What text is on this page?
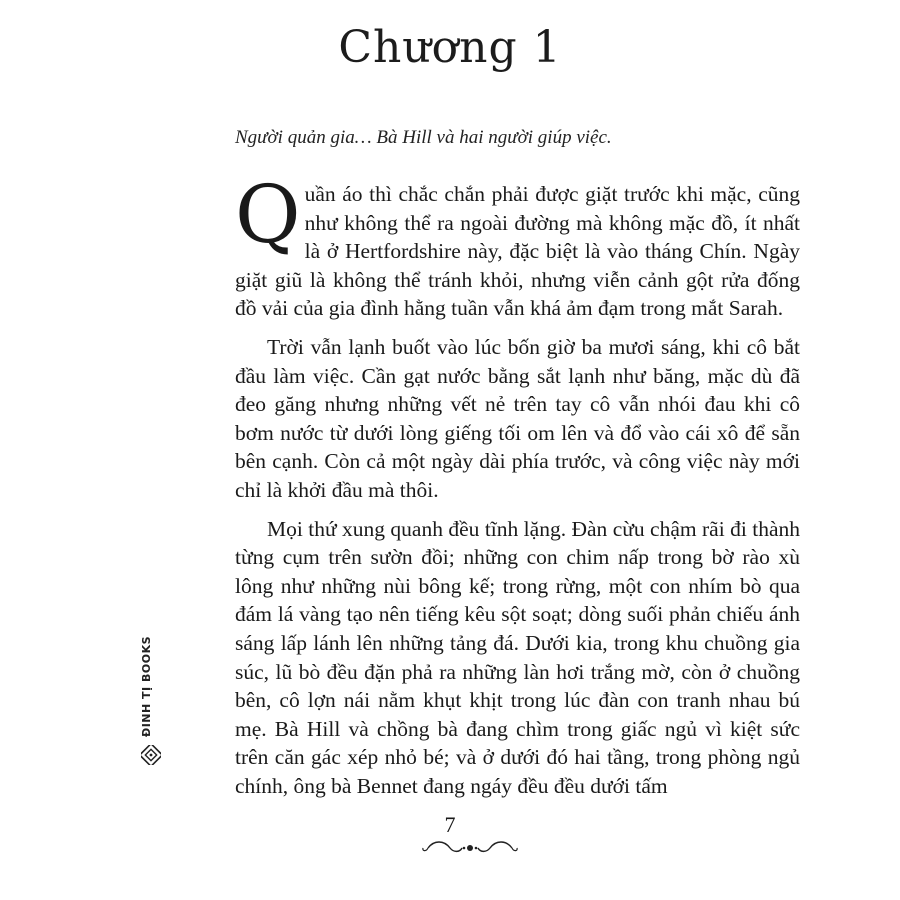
Chương 1
Người quản gia… Bà Hill và hai người giúp việc.

Quần áo thì chắc chắn phải được giặt trước khi mặc, cũng như không thể ra ngoài đường mà không mặc đồ, ít nhất là ở Hertfordshire này, đặc biệt là vào tháng Chín. Ngày giặt giũ là không thể tránh khỏi, nhưng viễn cảnh gột rửa đống đồ vải của gia đình hằng tuần vẫn khá ảm đạm trong mắt Sarah.

Trời vẫn lạnh buốt vào lúc bốn giờ ba mươi sáng, khi cô bắt đầu làm việc. Cần gạt nước bằng sắt lạnh như băng, mặc dù đã đeo găng nhưng những vết nẻ trên tay cô vẫn nhói đau khi cô bơm nước từ dưới lòng giếng tối om lên và đổ vào cái xô để sẵn bên cạnh. Còn cả một ngày dài phía trước, và công việc này mới chỉ là khởi đầu mà thôi.

Mọi thứ xung quanh đều tĩnh lặng. Đàn cừu chậm rãi đi thành từng cụm trên sườn đồi; những con chim nấp trong bờ rào xù lông như những nùi bông kế; trong rừng, một con nhím bò qua đám lá vàng tạo nên tiếng kêu sột soạt; dòng suối phản chiếu ánh sáng lấp lánh lên những tảng đá. Dưới kia, trong khu chuồng gia súc, lũ bò đều đặn phả ra những làn hơi trắng mờ, còn ở chuồng bên, cô lợn nái nằm khụt khịt trong lúc đàn con tranh nhau bú mẹ. Bà Hill và chồng bà đang chìm trong giấc ngủ vì kiệt sức trên căn gác xép nhỏ bé; và ở dưới đó hai tầng, trong phòng ngủ chính, ông bà Bennet đang ngáy đều đều dưới tấm

ĐINH TỊ BOOKS
7
